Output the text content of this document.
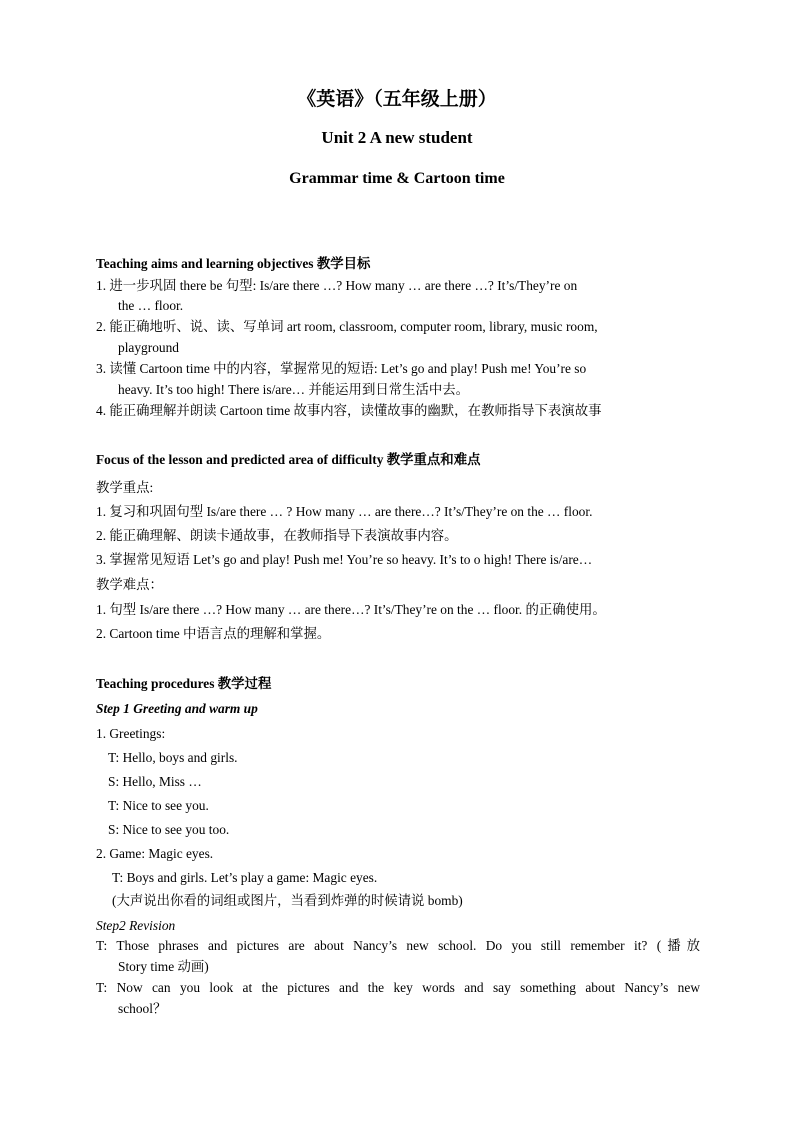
《英语》（五年级上册）
Unit 2 A new student
Grammar time & Cartoon time
Teaching aims and learning objectives 教学目标
1. 进一步巩固 there be 句型: Is/are there …? How many … are there …? It’s/They’re on
the … floor.
2. 能正确地听、说、读、写单词 art room, classroom, computer room, library, music room,
playground
3. 读懂 Cartoon time 中的内容，掌握常见的短语: Let’s go and play! Push me! You’re so
heavy. It’s too high! There is/are… 并能运用到日常生活中去。
4. 能正确理解并朗读 Cartoon time 故事内容，读懂故事的幽默，在教师指导下表演故事
Focus of the lesson and predicted area of difficulty 教学重点和难点
教学重点:
1. 复习和巩固句型 Is/are there … ? How many … are there…? It’s/They’re on the … floor.
2. 能正确理解、朗读卡通故事，在教师指导下表演故事内容。
3. 掌握常见短语 Let’s go and play! Push me! You’re so heavy. It’s to o high! There is/are…
教学难点：
1. 句型 Is/are there …? How many … are there…? It’s/They’re on the … floor. 的正确使用。
2. Cartoon time 中语言点的理解和掌握。
Teaching procedures 教学过程
Step 1 Greeting and warm up
1. Greetings:
T: Hello, boys and girls.
S: Hello, Miss …
T: Nice to see you.
S: Nice to see you too.
2. Game: Magic eyes.
T: Boys and girls. Let’s play a game: Magic eyes.
(大声说出你看的词组或图片，当看到炸弹的时候请说 bomb)
Step2 Revision
T: Those phrases and pictures are about Nancy’s new school. Do you still remember it? (播放
Story time 动画)
T: Now can you look at the pictures and the key words and say something about Nancy’s new
school？
